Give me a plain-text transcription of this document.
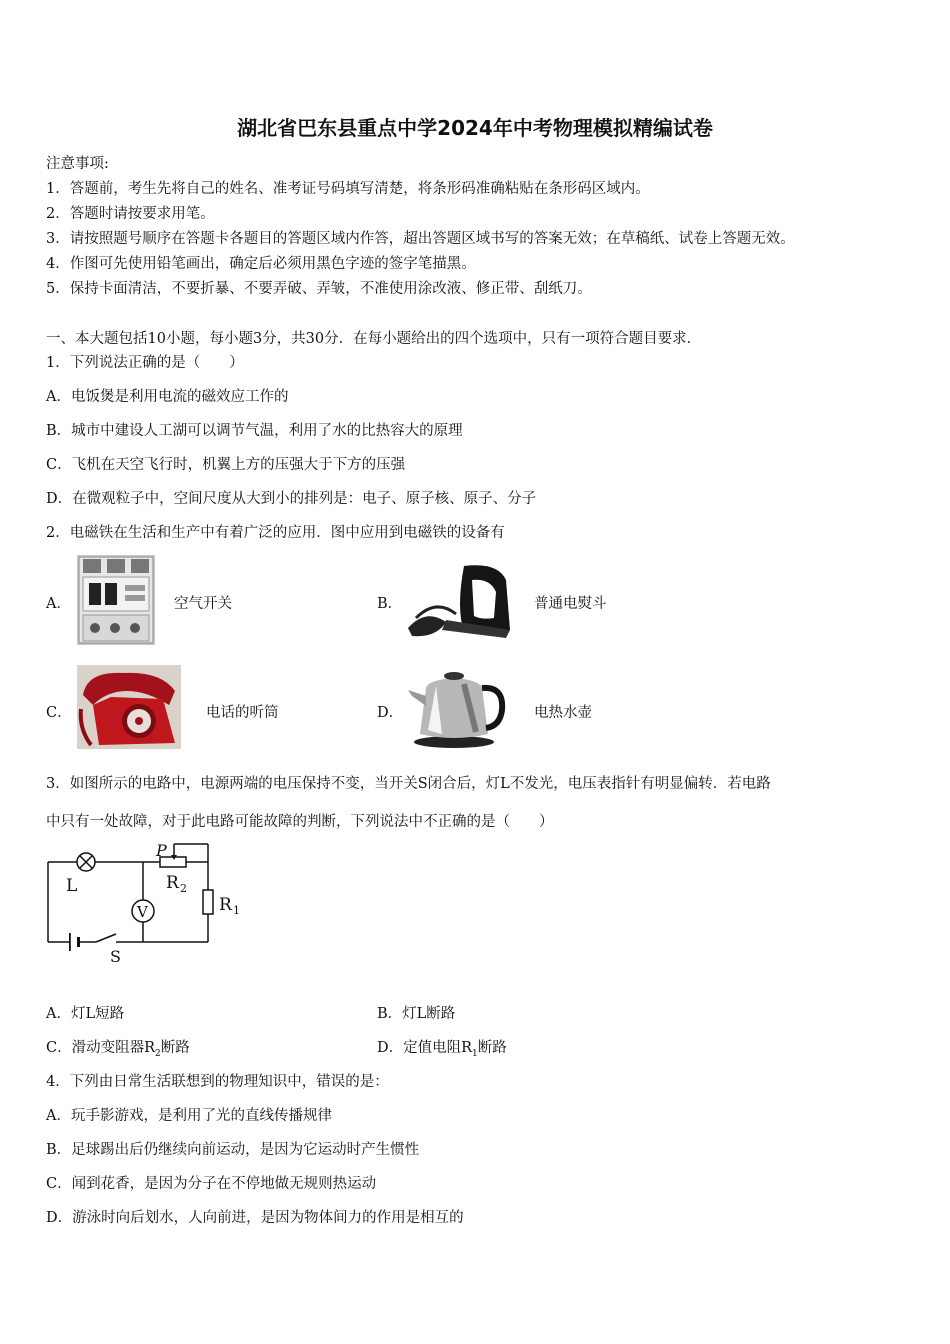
湖北省巴东县重点中学2024年中考物理模拟精编试卷
注意事项:
1．答题前，考生先将自己的姓名、准考证号码填写清楚，将条形码准确粘贴在条形码区域内。
2．答题时请按要求用笔。
3．请按照题号顺序在答题卡各题目的答题区域内作答，超出答题区域书写的答案无效；在草稿纸、试卷上答题无效。
4．作图可先使用铅笔画出，确定后必须用黑色字迹的签字笔描黑。
5．保持卡面清洁，不要折暴、不要弄破、弄皱，不准使用涂改液、修正带、刮纸刀。
一、本大题包括10小题，每小题3分，共30分．在每小题给出的四个选项中，只有一项符合题目要求．
1．下列说法正确的是（　　）
A．电饭煲是利用电流的磁效应工作的
B．城市中建设人工湖可以调节气温，利用了水的比热容大的原理
C．飞机在天空飞行时，机翼上方的压强大于下方的压强
D．在微观粒子中，空间尺度从大到小的排列是：电子、原子核、原子、分子
2．电磁铁在生活和生产中有着广泛的应用．图中应用到电磁铁的设备有
A．	空气开关	B．	普通电熨斗
C．	电话的听筒	D．	电热水壶
3．如图所示的电路中，电源两端的电压保持不变，当开关S闭合后，灯L不发光，电压表指针有明显偏转．若电路
中只有一处故障，对于此电路可能故障的判断，下列说法中不正确的是（　　）
L
P
R 2
R 1
V
S
A．灯L短路	B．灯L断路
C．滑动变阻器$R_2$断路	D．定值电阻$R_1$断路
4．下列由日常生活联想到的物理知识中，错误的是：
A．玩手影游戏，是利用了光的直线传播规律
B．足球踢出后仍继续向前运动，是因为它运动时产生惯性
C．闻到花香，是因为分子在不停地做无规则热运动
D．游泳时向后划水，人向前进，是因为物体间力的作用是相互的
